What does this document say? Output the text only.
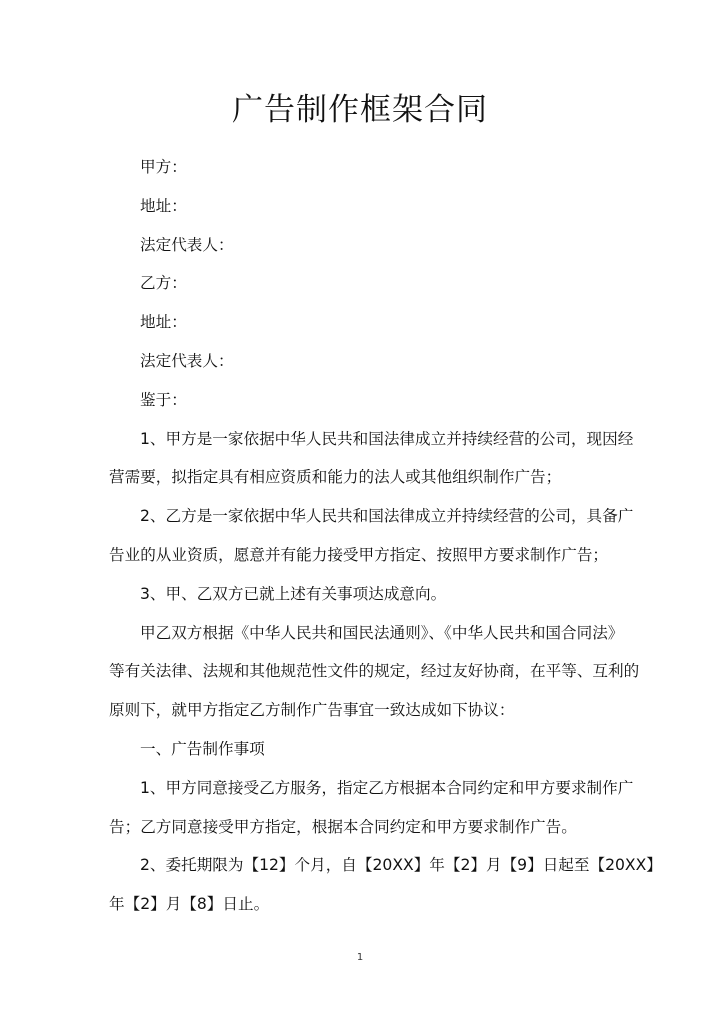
广告制作框架合同

甲方：

地址：

法定代表人：

乙方：

地址：

法定代表人：

鉴于：

1、甲方是一家依据中华人民共和国法律成立并持续经营的公司，现因经

营需要，拟指定具有相应资质和能力的法人或其他组织制作广告；

2、乙方是一家依据中华人民共和国法律成立并持续经营的公司，具备广

告业的从业资质，愿意并有能力接受甲方指定、按照甲方要求制作广告；

3、甲、乙双方已就上述有关事项达成意向。

甲乙双方根据《中华人民共和国民法通则》、《中华人民共和国合同法》

等有关法律、法规和其他规范性文件的规定，经过友好协商，在平等、互利的

原则下，就甲方指定乙方制作广告事宜一致达成如下协议：

一、广告制作事项

1、甲方同意接受乙方服务，指定乙方根据本合同约定和甲方要求制作广

告；乙方同意接受甲方指定，根据本合同约定和甲方要求制作广告。

2、委托期限为【12】个月，自【20XX】年【2】月【9】日起至【20XX】

年【2】月【8】日止。

1
